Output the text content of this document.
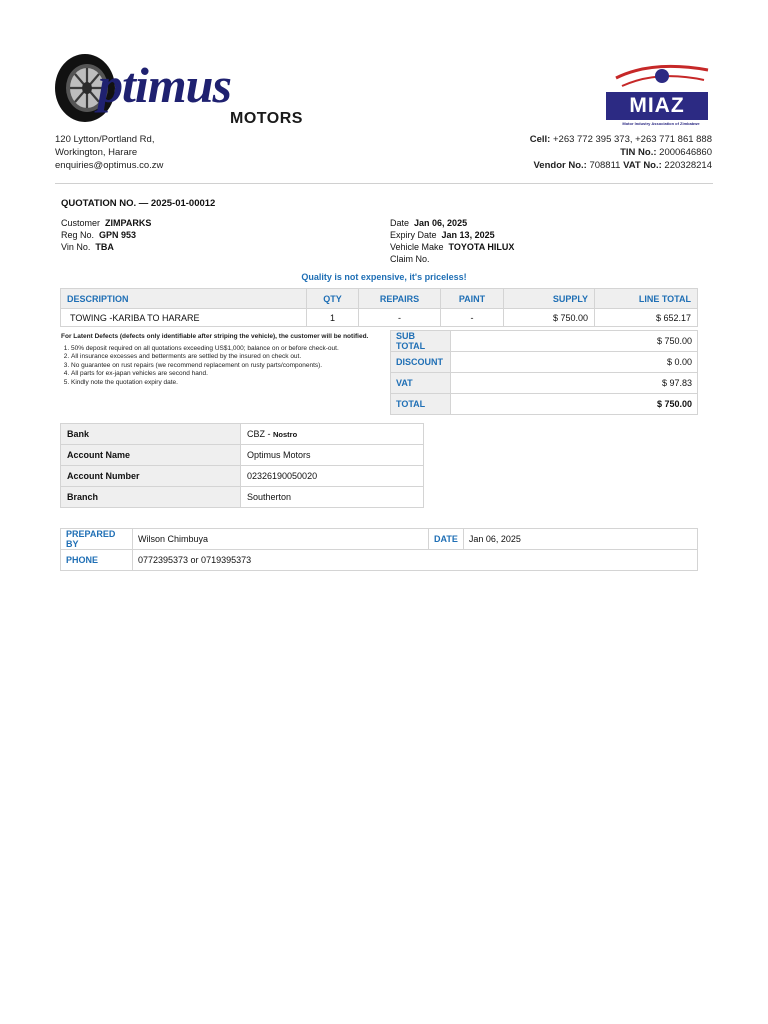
ptimus
MOTORS
120 Lytton/Portland Rd,
Workington, Harare
enquiries@optimus.co.zw
MIAZ
Motor Industry Association of Zimbabwe
Cell: +263 772 395 373, +263 771 861 888
TIN No.: 2000646860
Vendor No.: 708811 VAT No.: 220328214
QUOTATION NO. — 2025-01-00012
Customer ZIMPARKS
Reg No. GPN 953
Vin No. TBA
Date Jan 06, 2025
Expiry Date Jan 13, 2025
Vehicle Make TOYOTA HILUX
Claim No.
Quality is not expensive, it's priceless!
DESCRIPTION	QTY	REPAIRS	PAINT	SUPPLY	LINE TOTAL
TOWING -KARIBA TO HARARE	1	-	-	$ 750.00	$ 652.17
For Latent Defects (defects only identifiable after striping the vehicle), the customer will be notified.
1. 50% deposit required on all quotations exceeding US$1,000; balance on or before check-out.
2. All insurance excesses and betterments are settled by the insured on check out.
3. No guarantee on rust repairs (we recommend replacement on rusty parts/components).
4. All parts for ex-japan vehicles are second hand.
5. Kindly note the quotation expiry date.
SUB TOTAL	$ 750.00
DISCOUNT	$ 0.00
VAT	$ 97.83
TOTAL	$ 750.00
Bank	CBZ - Nostro
Account Name	Optimus Motors
Account Number	02326190050020
Branch	Southerton
PREPARED BY	Wilson Chimbuya	DATE	Jan 06, 2025
PHONE	0772395373 or 0719395373		
